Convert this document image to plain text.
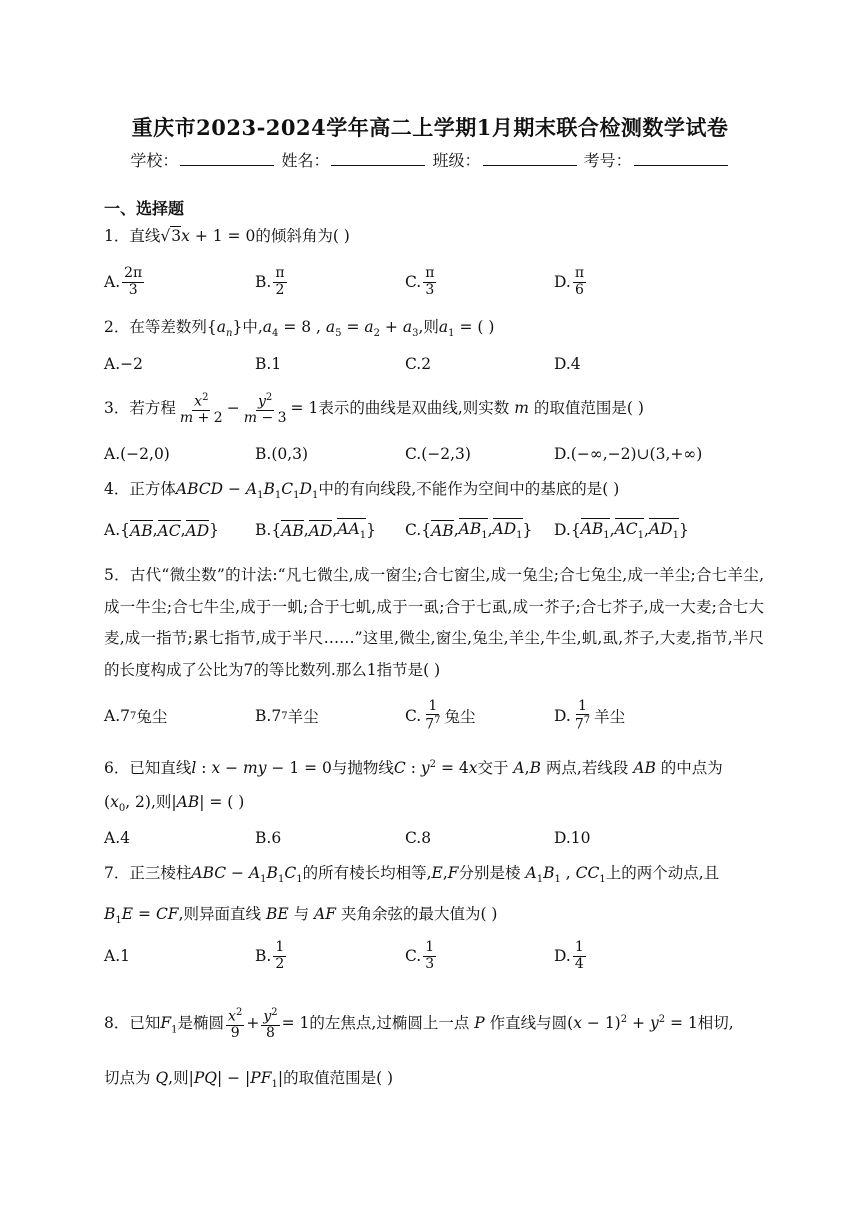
重庆市2023-2024学年高二上学期1月期末联合检测数学试卷
学校：	姓名：	班级：	考号：
一、选择题
1．直线√3x + 1 = 0的倾斜角为( )
A. $\frac{2\pi}{3}$	B. $\frac{\pi}{2}$	C. $\frac{\pi}{3}$	D. $\frac{\pi}{6}$
2．在等差数列$\{a_n\}$中$,a_4 = 8$ , $a_5 = a_2 + a_3$,则$a_1$ = ( )
A.−2	B.1	C.2	D.4
3．若方程 $\frac{x^2}{m + 2} - \frac{y^2}{m - 3} = 1$表示的曲线是双曲线,则实数 m 的取值范围是( )
A.(−2,0)	B.(0,3)	C.(−2,3)	D.(−∞,−2)∪(3,+∞)
4．正方体ABCD − $A_1B_1C_1D_1$中的有向线段,不能作为空间中的基底的是( )
A. { AB , AC , AD } B. { AB , AD , $AA_1$ } C. { AB , $AB_1$ , $AD_1$ } D. { $AB_1$ , $AC_1$ , $AD_1$ }
5．古代“微尘数”的计法:“凡七微尘,成一窗尘;合七窗尘,成一兔尘;合七兔尘,成一羊尘;合七羊尘,成一牛尘;合七牛尘,成于一虮;合于七虮,成于一虱;合于七虱,成一芥子;合七芥子,成一大麦;合七大麦,成一指节;累七指节,成于半尺……”这里,微尘,窗尘,兔尘,羊尘,牛尘,虮,虱,芥子,大麦,指节,半尺的长度构成了公比为7的等比数列.那么1指节是( )
A.7 7 兔尘	B.7 7 羊尘	C. $\frac{1}{7^7}$ 兔尘	D. $\frac{1}{7^7}$ 羊尘
6．已知直线l : x − my − 1 = 0与抛物线C : $y^2 = 4x$交于 A,B 两点,若线段 AB 的中点为
($x_0$, 2),则|AB| = ( )
A.4	B.6	C.8	D.10
7．正三棱柱ABC − $A_1B_1C_1$的所有棱长均相等,E,F分别是棱 $A_1B_1$ , $CC_1$上的两个动点,且
$B_1E$ = CF,则异面直线 BE 与 AF 夹角余弦的最大值为( )
A.1	B. $\frac{1}{2}$	C. $\frac{1}{3}$	D. $\frac{1}{4}$
8．已知$F_1$是椭圆 $\frac{x^2}{9} + \frac{y^2}{8} = 1$的左焦点,过椭圆上一点 P 作直线与圆$(x - 1)^2 + y^2 = 1$相切,
切点为 Q,则$|PQ| - |PF_1|$的取值范围是( )
